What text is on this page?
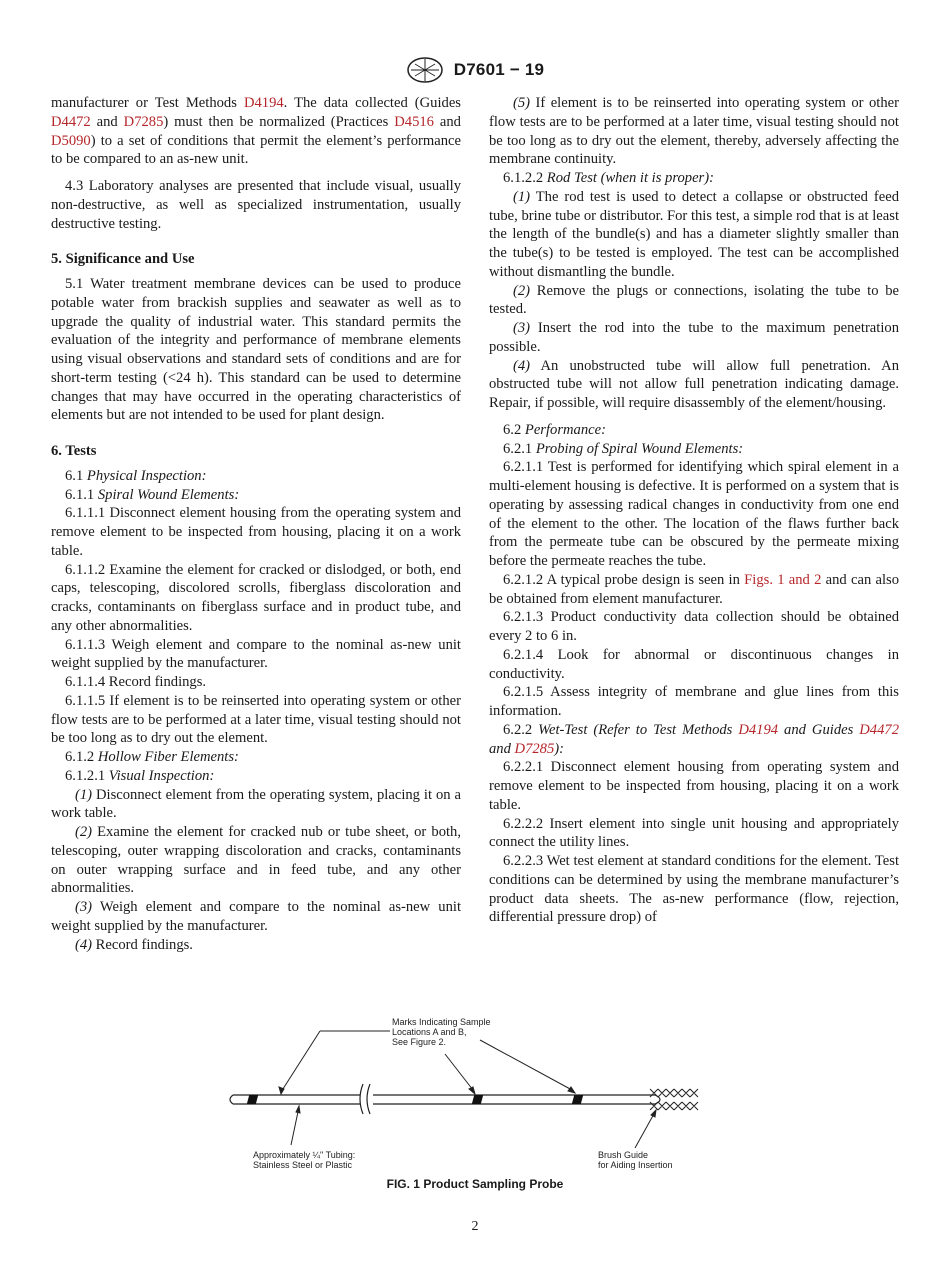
D7601 − 19

manufacturer or Test Methods D4194. The data collected (Guides D4472 and D7285) must then be normalized (Practices D4516 and D5090) to a set of conditions that permit the element’s performance to be compared to an as-new unit.

4.3 Laboratory analyses are presented that include visual, usually non-destructive, as well as specialized instrumentation, usually destructive testing.

5. Significance and Use

5.1 Water treatment membrane devices can be used to produce potable water from brackish supplies and seawater as well as to upgrade the quality of industrial water. This standard permits the evaluation of the integrity and performance of membrane elements using visual observations and standard sets of conditions and are for short-term testing (<24 h). This standard can be used to determine changes that may have occurred in the operating characteristics of elements but are not intended to be used for plant design.

6. Tests

6.1 Physical Inspection:

6.1.1 Spiral Wound Elements:

6.1.1.1 Disconnect element housing from the operating system and remove element to be inspected from housing, placing it on a work table.

6.1.1.2 Examine the element for cracked or dislodged, or both, end caps, telescoping, discolored scrolls, fiberglass discoloration and cracks, contaminants on fiberglass surface and in product tube, and any other abnormalities.

6.1.1.3 Weigh element and compare to the nominal as-new unit weight supplied by the manufacturer.

6.1.1.4 Record findings.

6.1.1.5 If element is to be reinserted into operating system or other flow tests are to be performed at a later time, visual testing should not be too long as to dry out the element.

6.1.2 Hollow Fiber Elements:

6.1.2.1 Visual Inspection:

(1) Disconnect element from the operating system, placing it on a work table.

(2) Examine the element for cracked nub or tube sheet, or both, telescoping, outer wrapping discoloration and cracks, contaminants on outer wrapping surface and in feed tube, and any other abnormalities.

(3) Weigh element and compare to the nominal as-new unit weight supplied by the manufacturer.

(4) Record findings.

(5) If element is to be reinserted into operating system or other flow tests are to be performed at a later time, visual testing should not be too long as to dry out the element, thereby, adversely affecting the membrane continuity.

6.1.2.2 Rod Test (when it is proper):

(1) The rod test is used to detect a collapse or obstructed feed tube, brine tube or distributor. For this test, a simple rod that is at least the length of the bundle(s) and has a diameter slightly smaller than the tube(s) to be tested is employed. The test can be accomplished without dismantling the bundle.

(2) Remove the plugs or connections, isolating the tube to be tested.

(3) Insert the rod into the tube to the maximum penetration possible.

(4) An unobstructed tube will allow full penetration. An obstructed tube will not allow full penetration indicating damage. Repair, if possible, will require disassembly of the element/housing.

6.2 Performance:

6.2.1 Probing of Spiral Wound Elements:

6.2.1.1 Test is performed for identifying which spiral element in a multi-element housing is defective. It is performed on a system that is operating by assessing radical changes in conductivity from one end of the element to the other. The location of the flaws further back from the permeate tube can be obscured by the permeate mixing before the permeate reaches the tube.

6.2.1.2 A typical probe design is seen in Figs. 1 and 2 and can also be obtained from element manufacturer.

6.2.1.3 Product conductivity data collection should be obtained every 2 to 6 in.

6.2.1.4 Look for abnormal or discontinuous changes in conductivity.

6.2.1.5 Assess integrity of membrane and glue lines from this information.

6.2.2 Wet-Test (Refer to Test Methods D4194 and Guides D4472 and D7285):

6.2.2.1 Disconnect element housing from operating system and remove element to be inspected from housing, placing it on a work table.

6.2.2.2 Insert element into single unit housing and appropriately connect the utility lines.

6.2.2.3 Wet test element at standard conditions for the element. Test conditions can be determined by using the membrane manufacturer’s product data sheets. The as-new performance (flow, rejection, differential pressure drop) of

Marks Indicating Sample Locations A and B, See Figure 2.
Approximately ¼" Tubing: Stainless Steel or Plastic
Brush Guide for Aiding Insertion
FIG. 1 Product Sampling Probe
2
